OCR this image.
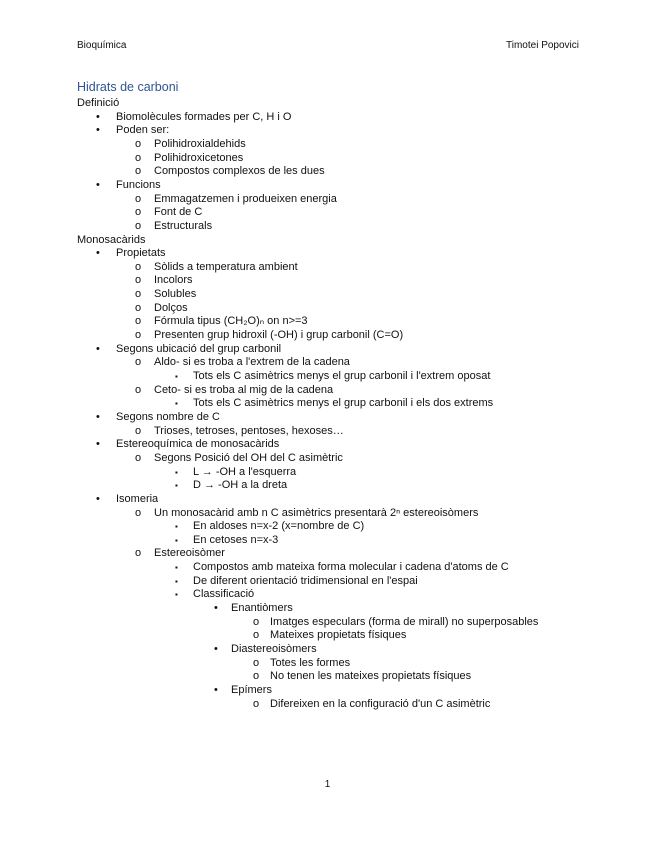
Bioquímica	Timotei Popovici
Hidrats de carboni
Definició
• Biomolècules formades per C, H i O
• Poden ser:
o Polihidroxialdehids
o Polihidroxicetones
o Compostos complexos de les dues
• Funcions
o Emmagatzemen i produeixen energia
o Font de C
o Estructurals
Monosacàrids
• Propietats
o Sòlids a temperatura ambient
o Incolors
o Solubles
o Dolços
o Fórmula tipus (CH₂O)ₙ on n>=3
o Presenten grup hidroxil (-OH) i grup carbonil (C=O)
• Segons ubicació del grup carbonil
o Aldo- si es troba a l'extrem de la cadena
▪ Tots els C asimètrics menys el grup carbonil i l'extrem oposat
o Ceto- si es troba al mig de la cadena
▪ Tots els C asimètrics menys el grup carbonil i els dos extrems
• Segons nombre de C
o Trioses, tetroses, pentoses, hexoses…
• Estereoquímica de monosacàrids
o Segons Posició del OH del C asimètric
▪ L → -OH a l'esquerra
▪ D → -OH a la dreta
• Isomeria
o Un monosacàrid amb n C asimètrics presentarà 2ⁿ estereoisòmers
▪ En aldoses n=x-2 (x=nombre de C)
▪ En cetoses n=x-3
o Estereoisòmer
▪ Compostos amb mateixa forma molecular i cadena d'atoms de C
▪ De diferent orientació tridimensional en l'espai
▪ Classificació
• Enantiòmers
o Imatges especulars (forma de mirall) no superposables
o Mateixes propietats físiques
• Diastereoisòmers
o Totes les formes
o No tenen les mateixes propietats físiques
• Epímers
o Difereixen en la configuració d'un C asimètric
1
